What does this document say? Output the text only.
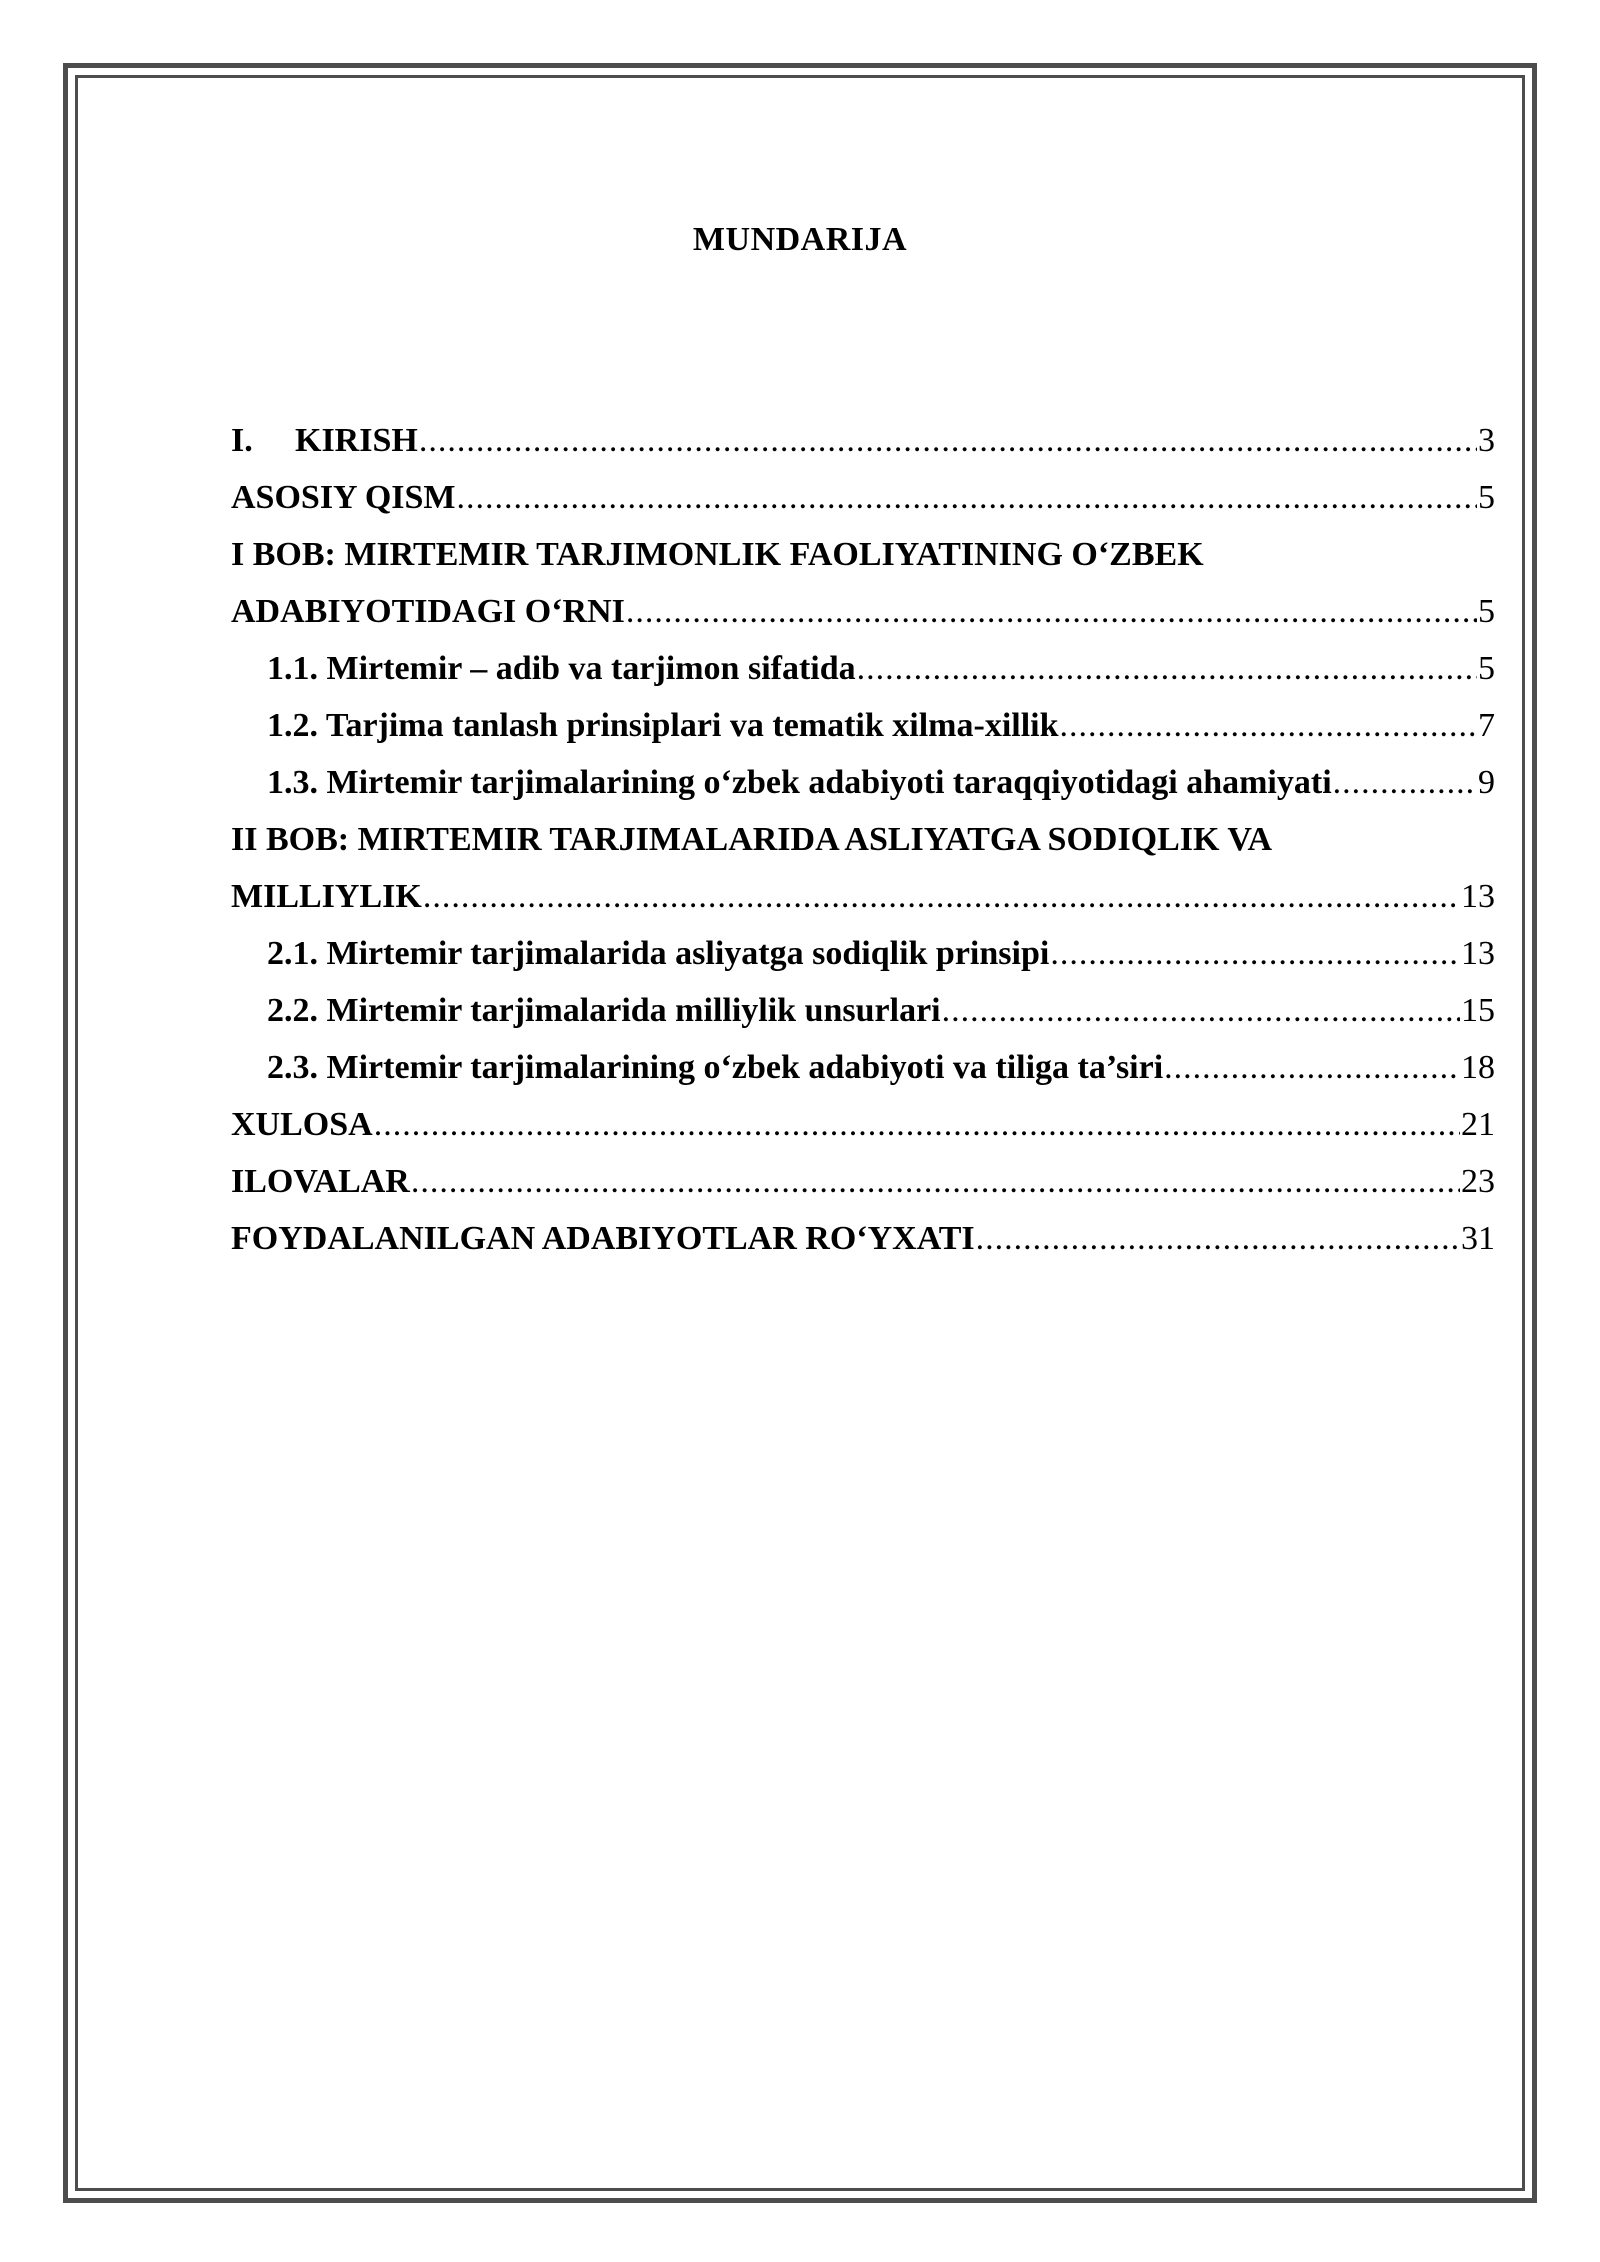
MUNDARIJA
I. KIRISH .....	3
ASOSIY QISM .....	5
I BOB: MIRTEMIR TARJIMONLIK FAOLIYATINING O‘ZBEK
ADABIYOTIDAGI O‘RNI .....	5
1.1. Mirtemir – adib va tarjimon sifatida .....	5
1.2. Tarjima tanlash prinsiplari va tematik xilma-xillik .....	7
1.3. Mirtemir tarjimalarining o‘zbek adabiyoti taraqqiyotidagi ahamiyati .....	9
II BOB: MIRTEMIR TARJIMALARIDA ASLIYATGA SODIQLIK VA
MILLIYLIK .....	13
2.1. Mirtemir tarjimalarida asliyatga sodiqlik prinsipi .....	13
2.2. Mirtemir tarjimalarida milliylik unsurlari .....	15
2.3. Mirtemir tarjimalarining o‘zbek adabiyoti va tiliga ta’siri .....	18
XULOSA .....	21
ILOVALAR .....	23
FOYDALANILGAN ADABIYOTLAR RO‘YXATI .....	31
